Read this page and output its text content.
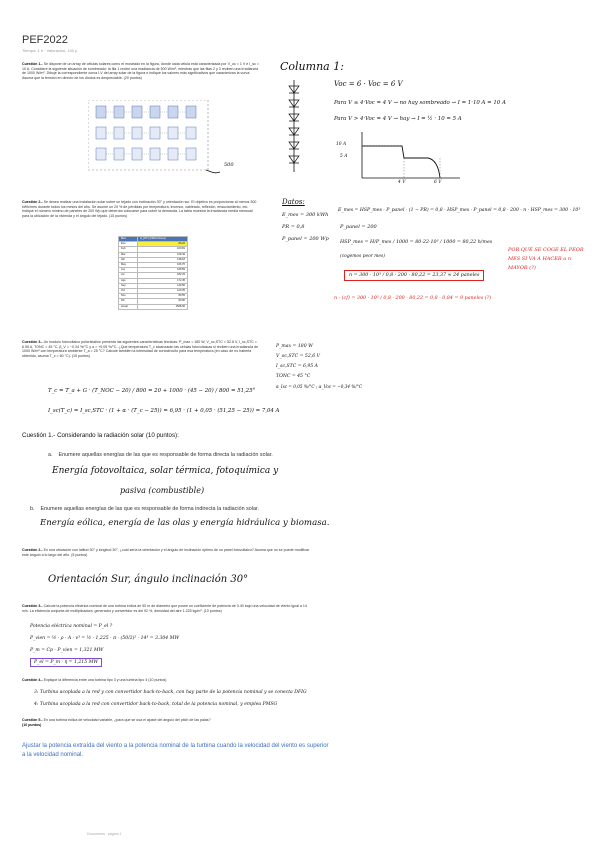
PEF2022
Tiempo: 1 h · Valoración: 100 p
Cuestión 1.- Se dispone de un array de células solares como el mostrado en la figura, donde cada célula está caracterizada por V_oc = 1 V e I_sc = 10 A. Considere la siguiente situación de sombreado: la fila 1 recibe una irradiancia de 500 W/m², mientras que las filas 2 y 3 reciben una irradiancia de 1000 W/m². Dibuje la correspondiente curva I-V del array solar de la figura e indique los valores más significativos que caracterizan la curva. Asuma que la tensión en directo de los diodos es despreciable. (20 puntos)
500
Columna 1:
Voc = 6 · Voc = 6 V
Para V ≤ 4·Voc = 4 V → no hay sombreado → I = 1·10 A = 10 A
Para V > 4·Voc = 4 V → hay → I = ½ · 10 = 5 A
10 A
5 A
4 V	6 V
Cuestión 2.- Se desea realizar una instalación solar sobre un tejado con inclinación 30° y orientación sur. El objetivo es proporcionar al menos 300 kWh/mes durante todos los meses del año. Se asume un 20 % de pérdidas por temperatura, inversor, cableado, reflexión, ensuciamiento, etc. Indique el número mínimo de paneles de 200 Wp que deberían colocarse para cubrir la demanda. La tabla muestra la irradiancia media mensual para la ubicación de la vivienda y el ángulo del tejado. (15 puntos)
Mes	H_(30°) (kWh/m²/mes)
Ene	80.22
Feb	100.81
Mar	128.49
Abr	138.18
May	166.70
Jun	168.59
Jul	182.33
Ago	172.45
Sep	149.56
Oct	123.05
Nov	89.55
Dic	80.90
Anual	1568.96
Datos:
E_mes = 300 kWh
PR = 0,8
P_panel = 200 Wp
E_mes = HSP_mes · P_panel · (1 − PR) = 0,8 · HSP_mes · P_panel = 0,8 · 200 · n · HSP_mes = 300 · 10³
P_panel = 200
HSP_mes = H/P_mes / 1000 = 80·22·10³ / 1000 = 80,22 h/mes
(cogemos peor mes)
n = 300 · 10³ / 0,8 · 200 · 80,22 = 23,37 ≈ 24 paneles
n · (cf) = 300 · 10³ / 0,8 · 200 · 80,22 = 0,8 · 0,84 = 9 paneles (?)
POR QUÉ SE COGE EL PEOR MES SI VA A HACER a n MAYOR (?)
Cuestión 3.- Un módulo fotovoltaico policristalino presenta las siguientes características técnicas: P_max = 180 W, V_oc,STC = 52.6 V, I_sc,STC = 6.95 A, TONC = 45 °C, β_V = −0.34 %/°C y α = +0.05 %/°C. ¿Qué temperatura T_c alcanzarán las células fotovoltaicas si reciben una irradiancia de 1000 W/m² con temperatura ambiente T_a = 25 °C? Calcule también la intensidad de cortocircuito para esa temperatura (en caso de no haberla obtenido, asuma T_c = 60 °C). (15 puntos)
P_max = 180 W
V_oc,STC = 52,6 V
I_sc,STC = 6,95 A
TONC = 45 °C
α_Isc = 0,05 %/°C ; α_Voc = −0,34 %/°C
T_c = T_a + G · (T_NOC − 20) / 800 = 20 + 1000 · (45 − 20) / 800 = 51,25°
I_sc(T_c) = I_sc,STC · (1 + α · (T_c − 25)) = 6,95 · (1 + 0,05 · (51,25 − 25)) = 7,04 A
Cuestión 1.- Considerando la radiación solar (10 puntos):
a. Enumere aquellas energías de las que es responsable de forma directa la radiación solar.
Energía fotovoltaica, solar térmica, fotoquímica y
pasiva (combustible)
b. Enumere aquellas energías de las que es responsable de forma indirecta la radiación solar.
Energía eólica, energía de las olas y energía hidráulica y biomasa.
Cuestión 2.- En una ubicación con latitud 30° y longitud 30°, ¿cuál sería la orientación y el ángulo de inclinación óptimo de un panel fotovoltaico? Asuma que no se puede modificar este ángulo a lo largo del año. (5 puntos)
Orientación Sur, ángulo inclinación 30°
Cuestión 3.- Calcule la potencia eléctrica nominal de una turbina eólica de 50 m de diámetro que posee un coeficiente de potencia de 0.40 bajo una velocidad de viento igual a 14 m/s. La eficiencia conjunta de multiplicadora, generador y convertidor es del 92 %, densidad del aire 1.225 kg/m³. (10 puntos)
Potencia eléctrica nominal = P_el ?
P_vien = ½ · ρ · A · v³ = ½ · 1,225 · π · (50/2)² · 14³ = 3.304 MW
P_m = Cp · P_vien = 1,321 MW
P_el = P_m · η = 1,215 MW
Cuestión 4.- Explique la diferencia entre una turbina tipo 3 y una turbina tipo 4 (10 puntos)
3: Turbina acoplada a la red y con convertidor back-to-back, con hay parte de la potencia nominal y se conecta DFIG
4: Turbina acoplada a la red con convertidor back-to-back, total de la potencia nominal, y emplea PMSG
Cuestión 5.- En una turbina eólica de velocidad variable, ¿para qué se usa el ajuste del ángulo del pitch de las palas?
(10 puntos)
Ajustar la potencia extraída del viento a la potencia nominal de la turbina cuando la velocidad del viento es superior
a la velocidad nominal.
Documento · página 1
